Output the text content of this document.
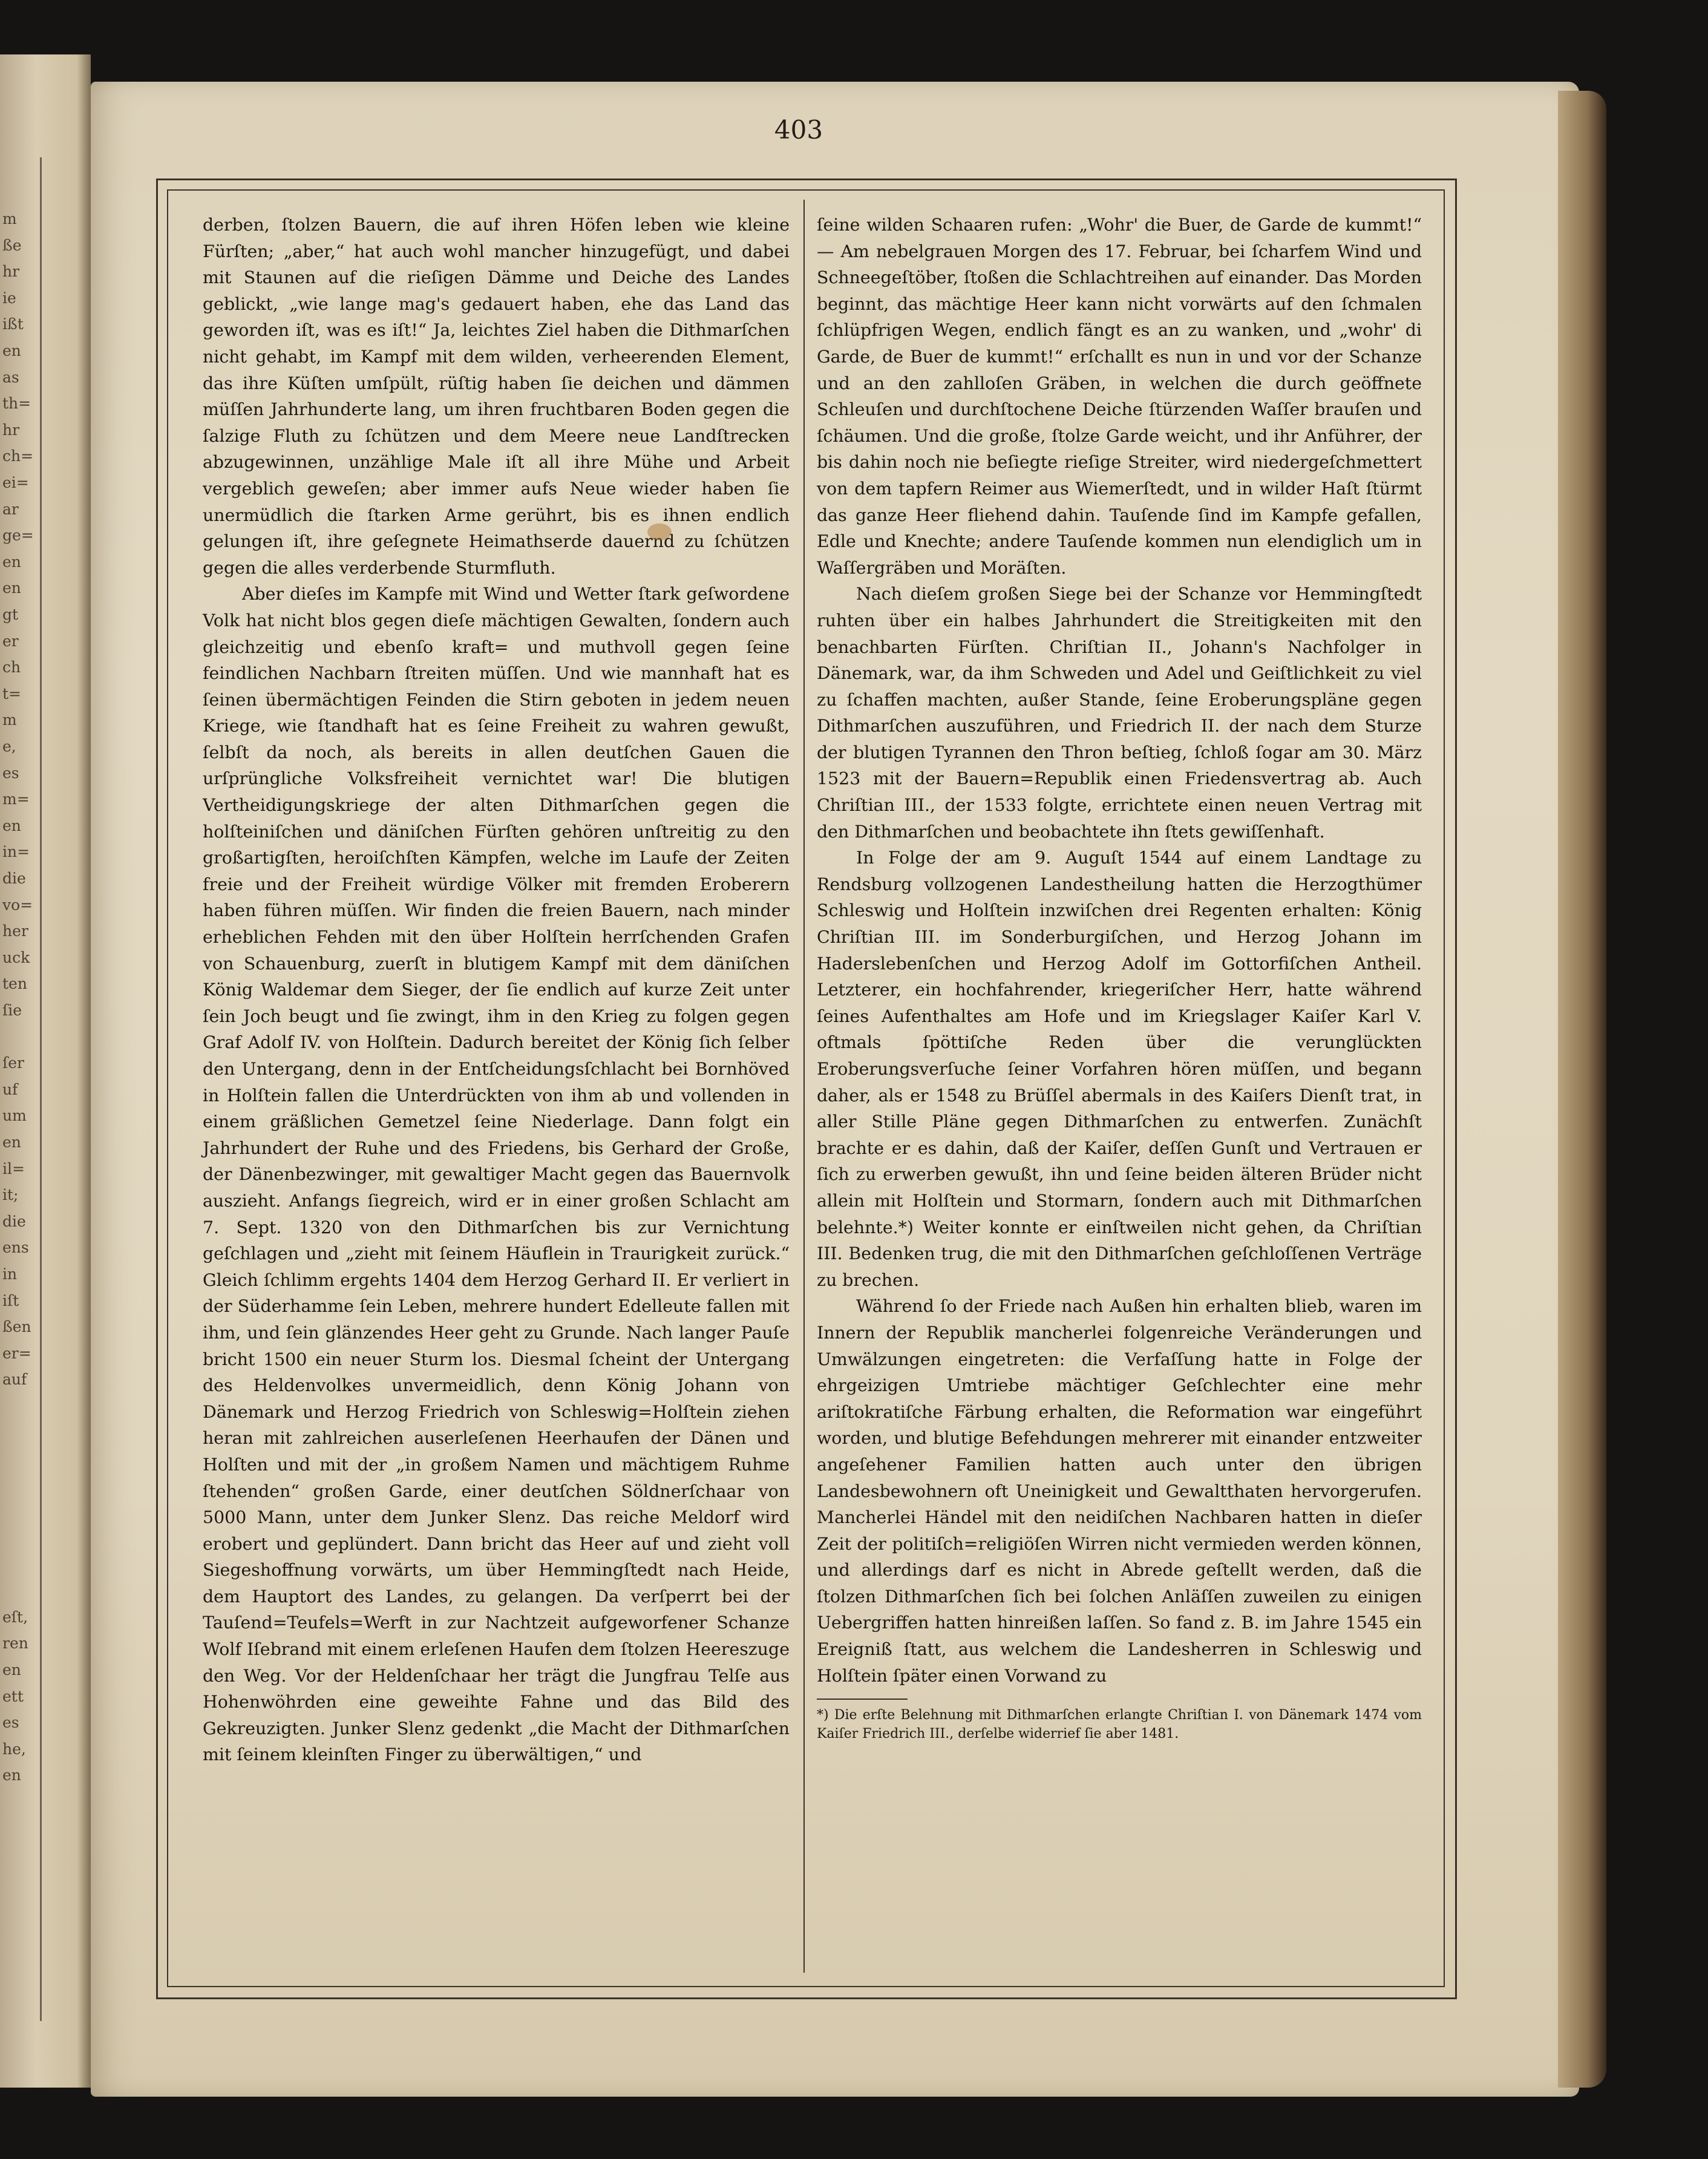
m
ße
hr
ie
ißt
en
as
th=
hr
ch=
ei=
ar
ge=
en
en
gt
er
ch
t=
m
e,
es
m=
en
in=
die
vo=
her
uck
ten
ſie
ſer
uf
um
en
il=
it;
die
ens
in
iſt
ßen
er=
auf
eſt,
ren
en
ett
es
he,
en
403

derben, ſtolzen Bauern, die auf ihren Höfen leben wie kleine Fürſten; „aber,“ hat auch wohl mancher hinzugefügt, und dabei mit Staunen auf die rieſigen Dämme und Deiche des Landes geblickt, „wie lange mag's gedauert haben, ehe das Land das geworden iſt, was es iſt!“ Ja, leichtes Ziel haben die Dithmarſchen nicht gehabt, im Kampf mit dem wilden, verheerenden Element, das ihre Küſten umſpült, rüſtig haben ſie deichen und dämmen müſſen Jahrhunderte lang, um ihren fruchtbaren Boden gegen die ſalzige Fluth zu ſchützen und dem Meere neue Landſtrecken abzugewinnen, unzählige Male iſt all ihre Mühe und Arbeit vergeblich geweſen; aber immer aufs Neue wieder haben ſie unermüdlich die ſtarken Arme gerührt, bis es ihnen endlich gelungen iſt, ihre geſegnete Heimathserde dauernd zu ſchützen gegen die alles verderbende Sturmfluth.

Aber dieſes im Kampfe mit Wind und Wetter ſtark geſwordene Volk hat nicht blos gegen dieſe mächtigen Gewalten, ſondern auch gleichzeitig und ebenſo kraft= und muthvoll gegen ſeine feindlichen Nachbarn ſtreiten müſſen. Und wie mannhaft hat es ſeinen übermächtigen Feinden die Stirn geboten in jedem neuen Kriege, wie ſtandhaft hat es ſeine Freiheit zu wahren gewußt, ſelbſt da noch, als bereits in allen deutſchen Gauen die urſprüngliche Volksfreiheit vernichtet war! Die blutigen Vertheidigungskriege der alten Dithmarſchen gegen die holſteiniſchen und däniſchen Fürſten gehören unſtreitig zu den großartigſten, heroiſchſten Kämpfen, welche im Laufe der Zeiten freie und der Freiheit würdige Völker mit fremden Eroberern haben führen müſſen. Wir finden die freien Bauern, nach minder erheblichen Fehden mit den über Holſtein herrſchenden Grafen von Schauenburg, zuerſt in blutigem Kampf mit dem däniſchen König Waldemar dem Sieger, der ſie endlich auf kurze Zeit unter ſein Joch beugt und ſie zwingt, ihm in den Krieg zu folgen gegen Graf Adolf IV. von Holſtein. Dadurch bereitet der König ſich ſelber den Untergang, denn in der Entſcheidungsſchlacht bei Bornhöved in Holſtein fallen die Unterdrückten von ihm ab und vollenden in einem gräßlichen Gemetzel ſeine Niederlage. Dann folgt ein Jahrhundert der Ruhe und des Friedens, bis Gerhard der Große, der Dänenbezwinger, mit gewaltiger Macht gegen das Bauernvolk auszieht. Anfangs ſiegreich, wird er in einer großen Schlacht am 7. Sept. 1320 von den Dithmarſchen bis zur Vernichtung geſchlagen und „zieht mit ſeinem Häuflein in Traurigkeit zurück.“ Gleich ſchlimm ergehts 1404 dem Herzog Gerhard II. Er verliert in der Süderhamme ſein Leben, mehrere hundert Edelleute fallen mit ihm, und ſein glänzendes Heer geht zu Grunde. Nach langer Pauſe bricht 1500 ein neuer Sturm los. Diesmal ſcheint der Untergang des Heldenvolkes unvermeidlich, denn König Johann von Dänemark und Herzog Friedrich von Schleswig=Holſtein ziehen heran mit zahlreichen auserleſenen Heerhaufen der Dänen und Holſten und mit der „in großem Namen und mächtigem Ruhme ſtehenden“ großen Garde, einer deutſchen Söldnerſchaar von 5000 Mann, unter dem Junker Slenz. Das reiche Meldorf wird erobert und geplündert. Dann bricht das Heer auf und zieht voll Siegeshoffnung vorwärts, um über Hemmingſtedt nach Heide, dem Hauptort des Landes, zu gelangen. Da verſperrt bei der Tauſend=Teufels=Werft in zur Nachtzeit aufgeworfener Schanze Wolf Iſebrand mit einem erleſenen Haufen dem ſtolzen Heereszuge den Weg. Vor der Heldenſchaar her trägt die Jungfrau Telſe aus Hohenwöhrden eine geweihte Fahne und das Bild des Gekreuzigten. Junker Slenz gedenkt „die Macht der Dithmarſchen mit ſeinem kleinſten Finger zu überwältigen,“ und

ſeine wilden Schaaren rufen: „Wohr' die Buer, de Garde de kummt!“ — Am nebelgrauen Morgen des 17. Februar, bei ſcharfem Wind und Schneegeſtöber, ſtoßen die Schlachtreihen auf einander. Das Morden beginnt, das mächtige Heer kann nicht vorwärts auf den ſchmalen ſchlüpfrigen Wegen, endlich fängt es an zu wanken, und „wohr' di Garde, de Buer de kummt!“ erſchallt es nun in und vor der Schanze und an den zahlloſen Gräben, in welchen die durch geöffnete Schleuſen und durchſtochene Deiche ſtürzenden Waſſer brauſen und ſchäumen. Und die große, ſtolze Garde weicht, und ihr Anführer, der bis dahin noch nie beſiegte rieſige Streiter, wird niedergeſchmettert von dem tapfern Reimer aus Wiemerſtedt, und in wilder Haſt ſtürmt das ganze Heer fliehend dahin. Tauſende ſind im Kampfe gefallen, Edle und Knechte; andere Tauſende kommen nun elendiglich um in Waſſergräben und Moräſten.

Nach dieſem großen Siege bei der Schanze vor Hemmingſtedt ruhten über ein halbes Jahrhundert die Streitigkeiten mit den benachbarten Fürſten. Chriſtian II., Johann's Nachfolger in Dänemark, war, da ihm Schweden und Adel und Geiſtlichkeit zu viel zu ſchaffen machten, außer Stande, ſeine Eroberungspläne gegen Dithmarſchen auszuführen, und Friedrich II. der nach dem Sturze der blutigen Tyrannen den Thron beſtieg, ſchloß ſogar am 30. März 1523 mit der Bauern=Republik einen Friedensvertrag ab. Auch Chriſtian III., der 1533 folgte, errichtete einen neuen Vertrag mit den Dithmarſchen und beobachtete ihn ſtets gewiſſenhaft.

In Folge der am 9. Auguſt 1544 auf einem Landtage zu Rendsburg vollzogenen Landestheilung hatten die Herzogthümer Schleswig und Holſtein inzwiſchen drei Regenten erhalten: König Chriſtian III. im Sonderburgiſchen, und Herzog Johann im Haderslebenſchen und Herzog Adolf im Gottorfiſchen Antheil. Letzterer, ein hochfahrender, kriegeriſcher Herr, hatte während ſeines Aufenthaltes am Hofe und im Kriegslager Kaiſer Karl V. oftmals ſpöttiſche Reden über die verunglückten Eroberungsverſuche ſeiner Vorfahren hören müſſen, und begann daher, als er 1548 zu Brüſſel abermals in des Kaiſers Dienſt trat, in aller Stille Pläne gegen Dithmarſchen zu entwerfen. Zunächſt brachte er es dahin, daß der Kaiſer, deſſen Gunſt und Vertrauen er ſich zu erwerben gewußt, ihn und ſeine beiden älteren Brüder nicht allein mit Holſtein und Stormarn, ſondern auch mit Dithmarſchen belehnte.*) Weiter konnte er einſtweilen nicht gehen, da Chriſtian III. Bedenken trug, die mit den Dithmarſchen geſchloſſenen Verträge zu brechen.

Während ſo der Friede nach Außen hin erhalten blieb, waren im Innern der Republik mancherlei folgenreiche Veränderungen und Umwälzungen eingetreten: die Verfaſſung hatte in Folge der ehrgeizigen Umtriebe mächtiger Geſchlechter eine mehr ariſtokratiſche Färbung erhalten, die Reformation war eingeführt worden, und blutige Befehdungen mehrerer mit einander entzweiter angeſehener Familien hatten auch unter den übrigen Landesbewohnern oft Uneinigkeit und Gewaltthaten hervorgerufen. Mancherlei Händel mit den neidiſchen Nachbaren hatten in dieſer Zeit der politiſch=religiöſen Wirren nicht vermieden werden können, und allerdings darf es nicht in Abrede geſtellt werden, daß die ſtolzen Dithmarſchen ſich bei ſolchen Anläſſen zuweilen zu einigen Uebergriffen hatten hinreißen laſſen. So fand z. B. im Jahre 1545 ein Ereigniß ſtatt, aus welchem die Landesherren in Schleswig und Holſtein ſpäter einen Vorwand zu

*) Die erſte Belehnung mit Dithmarſchen erlangte Chriſtian I. von Dänemark 1474 vom Kaiſer Friedrich III., derſelbe widerrief ſie aber 1481.
